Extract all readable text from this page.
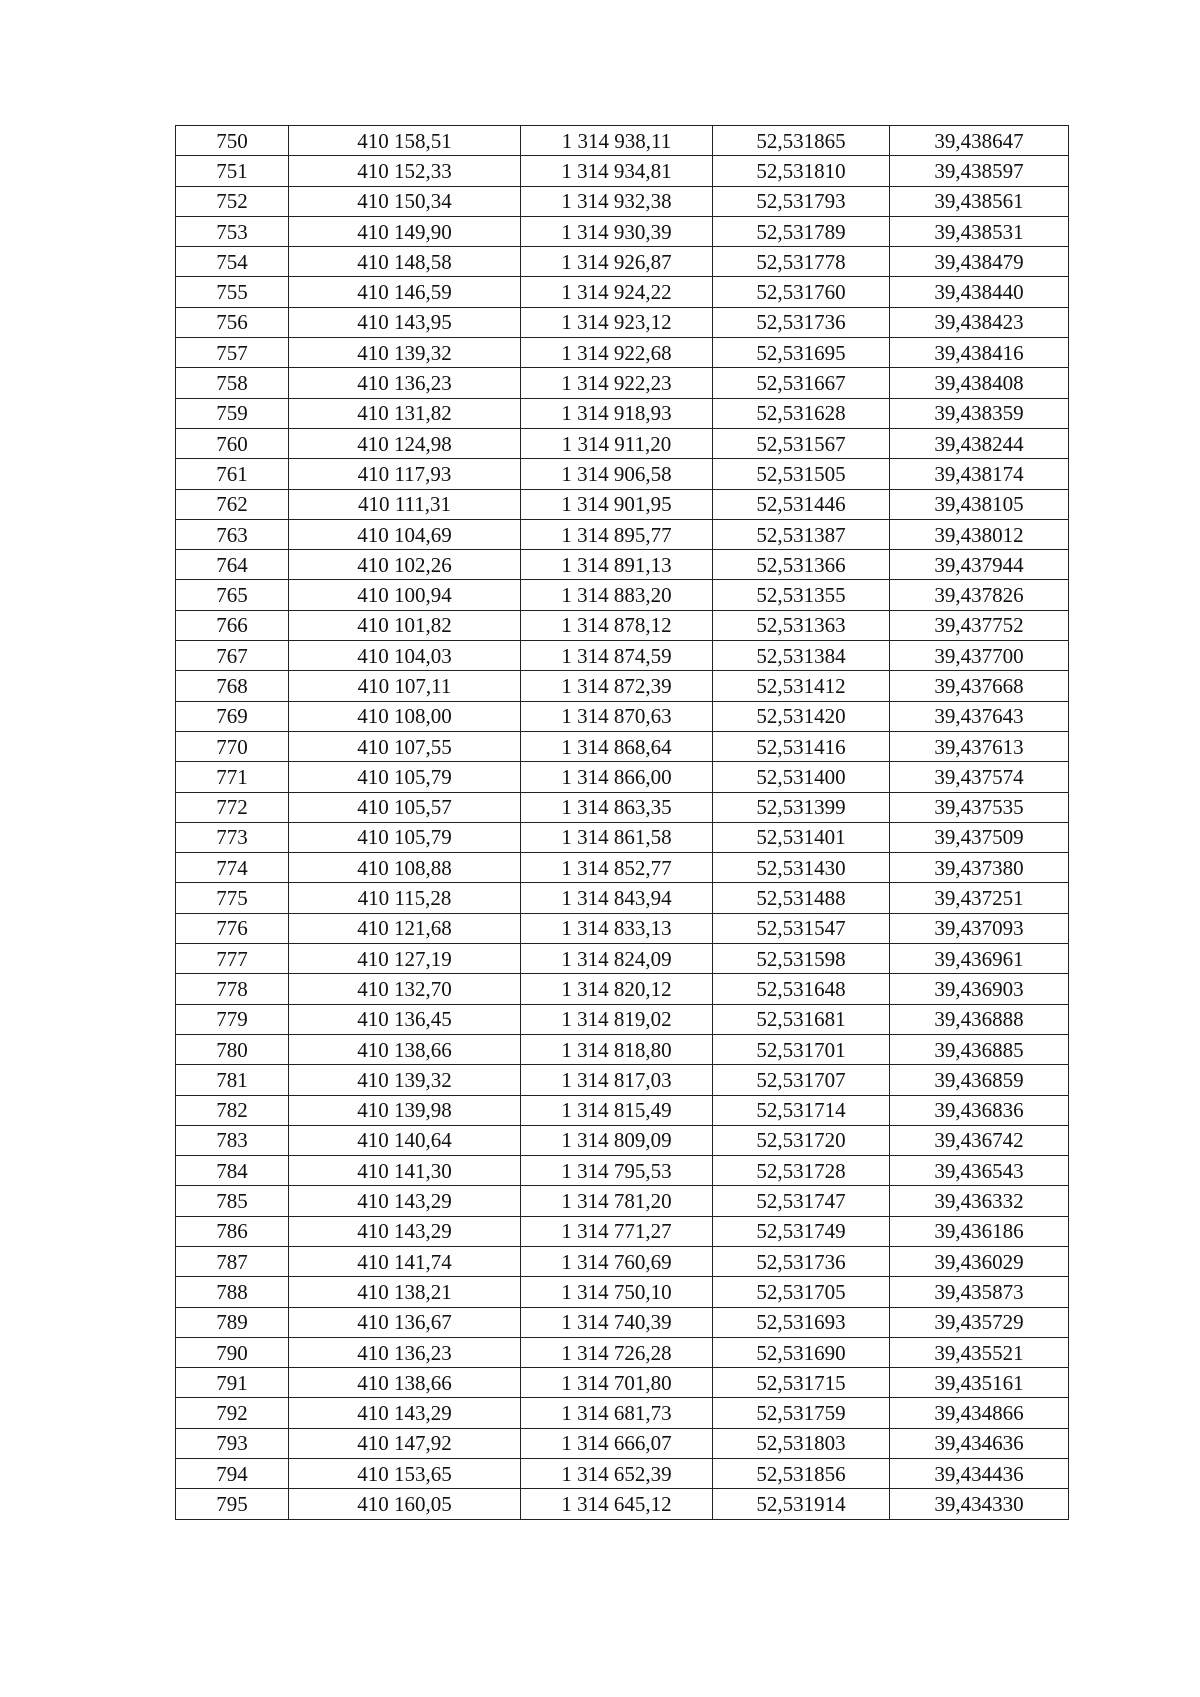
750	410 158,51	1 314 938,11	52,531865	39,438647
751	410 152,33	1 314 934,81	52,531810	39,438597
752	410 150,34	1 314 932,38	52,531793	39,438561
753	410 149,90	1 314 930,39	52,531789	39,438531
754	410 148,58	1 314 926,87	52,531778	39,438479
755	410 146,59	1 314 924,22	52,531760	39,438440
756	410 143,95	1 314 923,12	52,531736	39,438423
757	410 139,32	1 314 922,68	52,531695	39,438416
758	410 136,23	1 314 922,23	52,531667	39,438408
759	410 131,82	1 314 918,93	52,531628	39,438359
760	410 124,98	1 314 911,20	52,531567	39,438244
761	410 117,93	1 314 906,58	52,531505	39,438174
762	410 111,31	1 314 901,95	52,531446	39,438105
763	410 104,69	1 314 895,77	52,531387	39,438012
764	410 102,26	1 314 891,13	52,531366	39,437944
765	410 100,94	1 314 883,20	52,531355	39,437826
766	410 101,82	1 314 878,12	52,531363	39,437752
767	410 104,03	1 314 874,59	52,531384	39,437700
768	410 107,11	1 314 872,39	52,531412	39,437668
769	410 108,00	1 314 870,63	52,531420	39,437643
770	410 107,55	1 314 868,64	52,531416	39,437613
771	410 105,79	1 314 866,00	52,531400	39,437574
772	410 105,57	1 314 863,35	52,531399	39,437535
773	410 105,79	1 314 861,58	52,531401	39,437509
774	410 108,88	1 314 852,77	52,531430	39,437380
775	410 115,28	1 314 843,94	52,531488	39,437251
776	410 121,68	1 314 833,13	52,531547	39,437093
777	410 127,19	1 314 824,09	52,531598	39,436961
778	410 132,70	1 314 820,12	52,531648	39,436903
779	410 136,45	1 314 819,02	52,531681	39,436888
780	410 138,66	1 314 818,80	52,531701	39,436885
781	410 139,32	1 314 817,03	52,531707	39,436859
782	410 139,98	1 314 815,49	52,531714	39,436836
783	410 140,64	1 314 809,09	52,531720	39,436742
784	410 141,30	1 314 795,53	52,531728	39,436543
785	410 143,29	1 314 781,20	52,531747	39,436332
786	410 143,29	1 314 771,27	52,531749	39,436186
787	410 141,74	1 314 760,69	52,531736	39,436029
788	410 138,21	1 314 750,10	52,531705	39,435873
789	410 136,67	1 314 740,39	52,531693	39,435729
790	410 136,23	1 314 726,28	52,531690	39,435521
791	410 138,66	1 314 701,80	52,531715	39,435161
792	410 143,29	1 314 681,73	52,531759	39,434866
793	410 147,92	1 314 666,07	52,531803	39,434636
794	410 153,65	1 314 652,39	52,531856	39,434436
795	410 160,05	1 314 645,12	52,531914	39,434330
